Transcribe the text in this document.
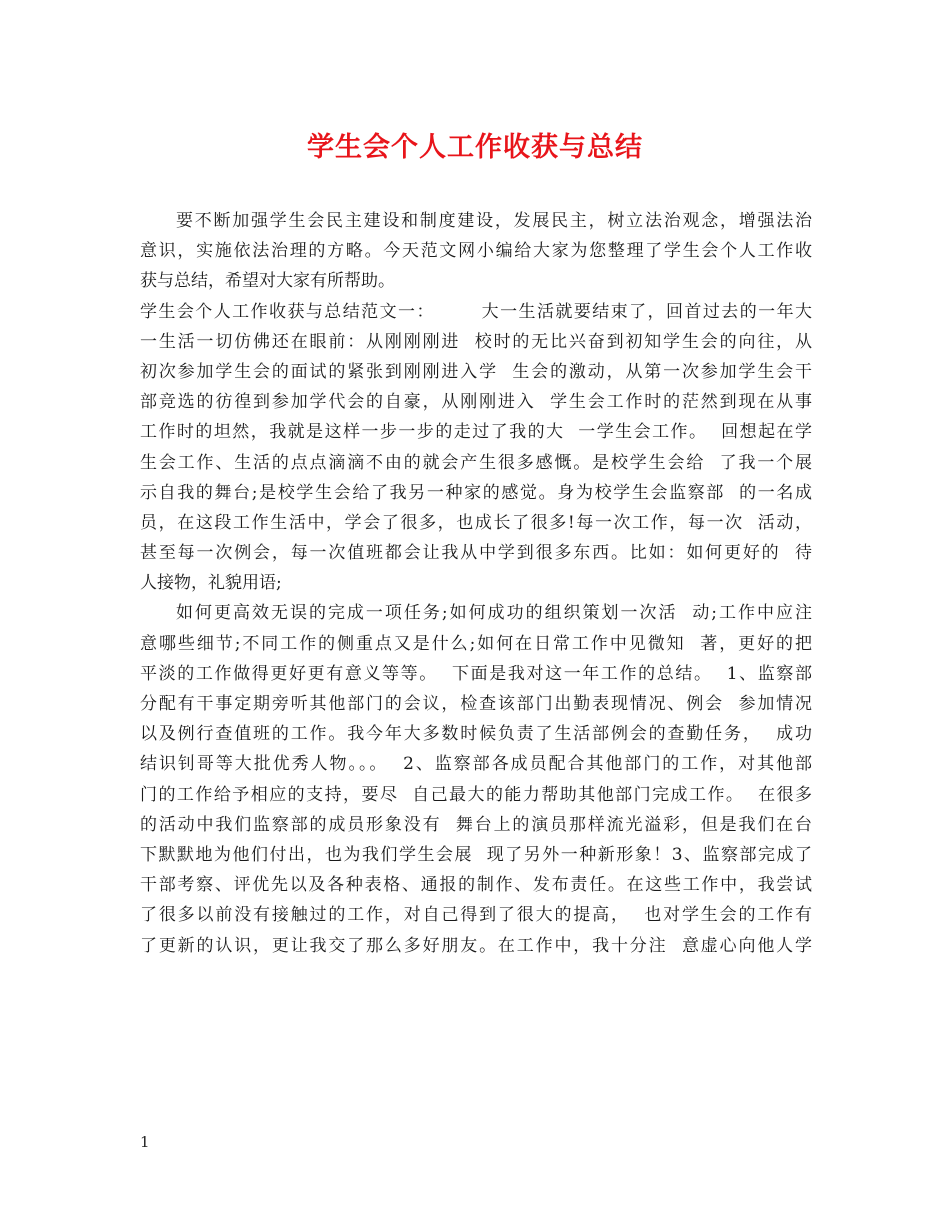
学生会个人工作收获与总结
要不断加强学生会民主建设和制度建设，发展民主，树立法治观念，增强法治
意识，实施依法治理的方略。今天范文网小编给大家为您整理了学生会个人工作收
获与总结，希望对大家有所帮助。
学生会个人工作收获与总结范文一：　　　大一生活就要结束了，回首过去的一年大
一生活一切仿佛还在眼前：从刚刚刚进  校时的无比兴奋到初知学生会的向往，从
初次参加学生会的面试的紧张到刚刚进入学  生会的激动，从第一次参加学生会干
部竞选的彷徨到参加学代会的自豪，从刚刚进入  学生会工作时的茫然到现在从事
工作时的坦然，我就是这样一步一步的走过了我的大  一学生会工作。  回想起在学
生会工作、生活的点点滴滴不由的就会产生很多感慨。是校学生会给  了我一个展
示自我的舞台;是校学生会给了我另一种家的感觉。身为校学生会监察部  的一名成
员，在这段工作生活中，学会了很多，也成长了很多!每一次工作，每一次  活动，
甚至每一次例会，每一次值班都会让我从中学到很多东西。比如：如何更好的  待
人接物，礼貌用语;
如何更高效无误的完成一项任务;如何成功的组织策划一次活  动;工作中应注
意哪些细节;不同工作的侧重点又是什么;如何在日常工作中见微知  著，更好的把
平淡的工作做得更好更有意义等等。  下面是我对这一年工作的总结。  1、监察部
分配有干事定期旁听其他部门的会议，检查该部门出勤表现情况、例会  参加情况
以及例行查值班的工作。我今年大多数时候负责了生活部例会的查勤任务，  成功
结识钊哥等大批优秀人物。。。  2、监察部各成员配合其他部门的工作，对其他部
门的工作给予相应的支持，要尽  自己最大的能力帮助其他部门完成工作。  在很多
的活动中我们监察部的成员形象没有  舞台上的演员那样流光溢彩，但是我们在台
下默默地为他们付出，也为我们学生会展  现了另外一种新形象！3、监察部完成了
干部考察、评优先以及各种表格、通报的制作、发布责任。在这些工作中，我尝试
了很多以前没有接触过的工作，对自己得到了很大的提高，  也对学生会的工作有
了更新的认识，更让我交了那么多好朋友。在工作中，我十分注  意虚心向他人学
1
